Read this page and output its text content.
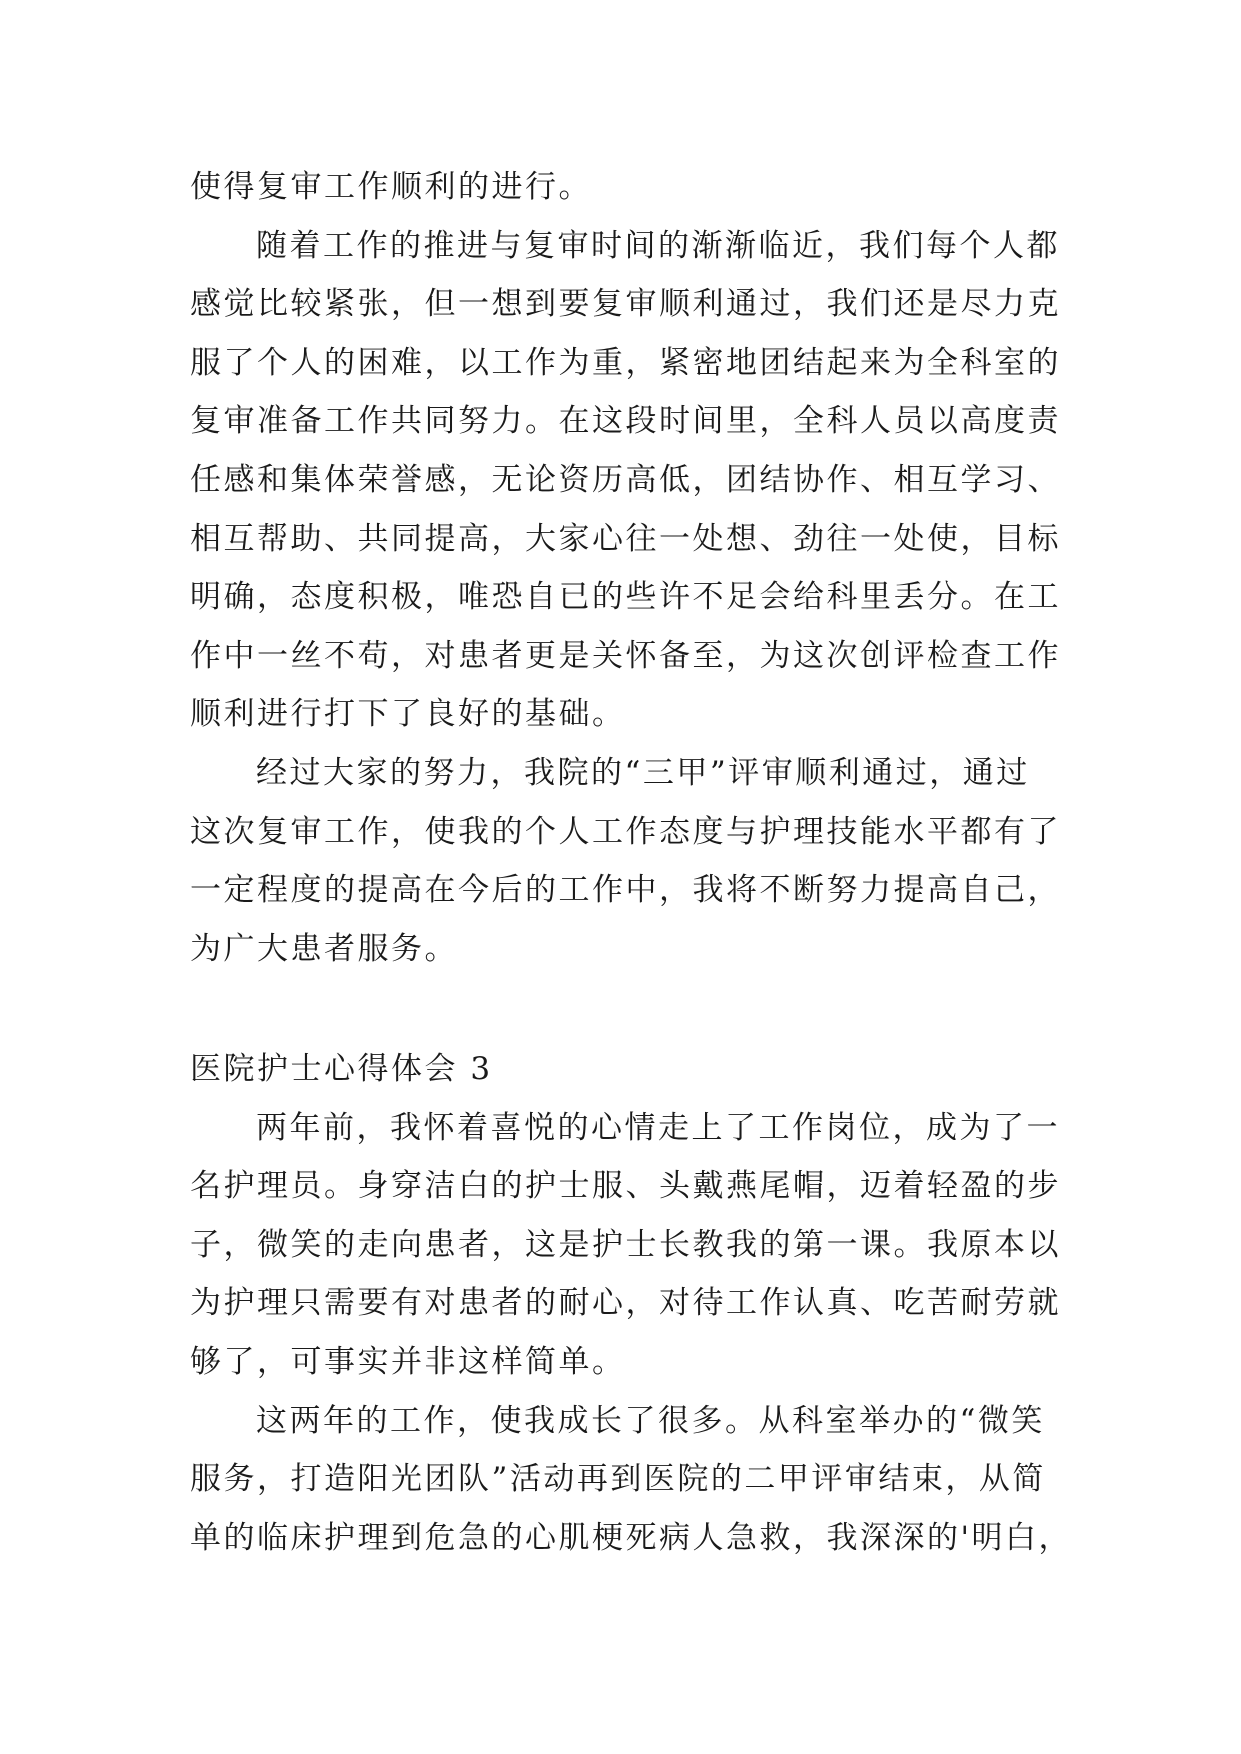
使得复审工作顺利的进行。
随着工作的推进与复审时间的渐渐临近，我们每个人都
感觉比较紧张，但一想到要复审顺利通过，我们还是尽力克
服了个人的困难，以工作为重，紧密地团结起来为全科室的
复审准备工作共同努力。在这段时间里，全科人员以高度责
任感和集体荣誉感，无论资历高低，团结协作、相互学习、
相互帮助、共同提高，大家心往一处想、劲往一处使，目标
明确，态度积极，唯恐自已的些许不足会给科里丢分。在工
作中一丝不苟，对患者更是关怀备至，为这次创评检查工作
顺利进行打下了良好的基础。
经过大家的努力，我院的“三甲”评审顺利通过，通过
这次复审工作，使我的个人工作态度与护理技能水平都有了
一定程度的提高在今后的工作中，我将不断努力提高自己，
为广大患者服务。
医院护士心得体会 3
两年前，我怀着喜悦的心情走上了工作岗位，成为了一
名护理员。身穿洁白的护士服、头戴燕尾帽，迈着轻盈的步
子，微笑的走向患者，这是护士长教我的第一课。我原本以
为护理只需要有对患者的耐心，对待工作认真、吃苦耐劳就
够了，可事实并非这样简单。
这两年的工作，使我成长了很多。从科室举办的“微笑
服务，打造阳光团队”活动再到医院的二甲评审结束，从简
单的临床护理到危急的心肌梗死病人急救，我深深的'明白，
